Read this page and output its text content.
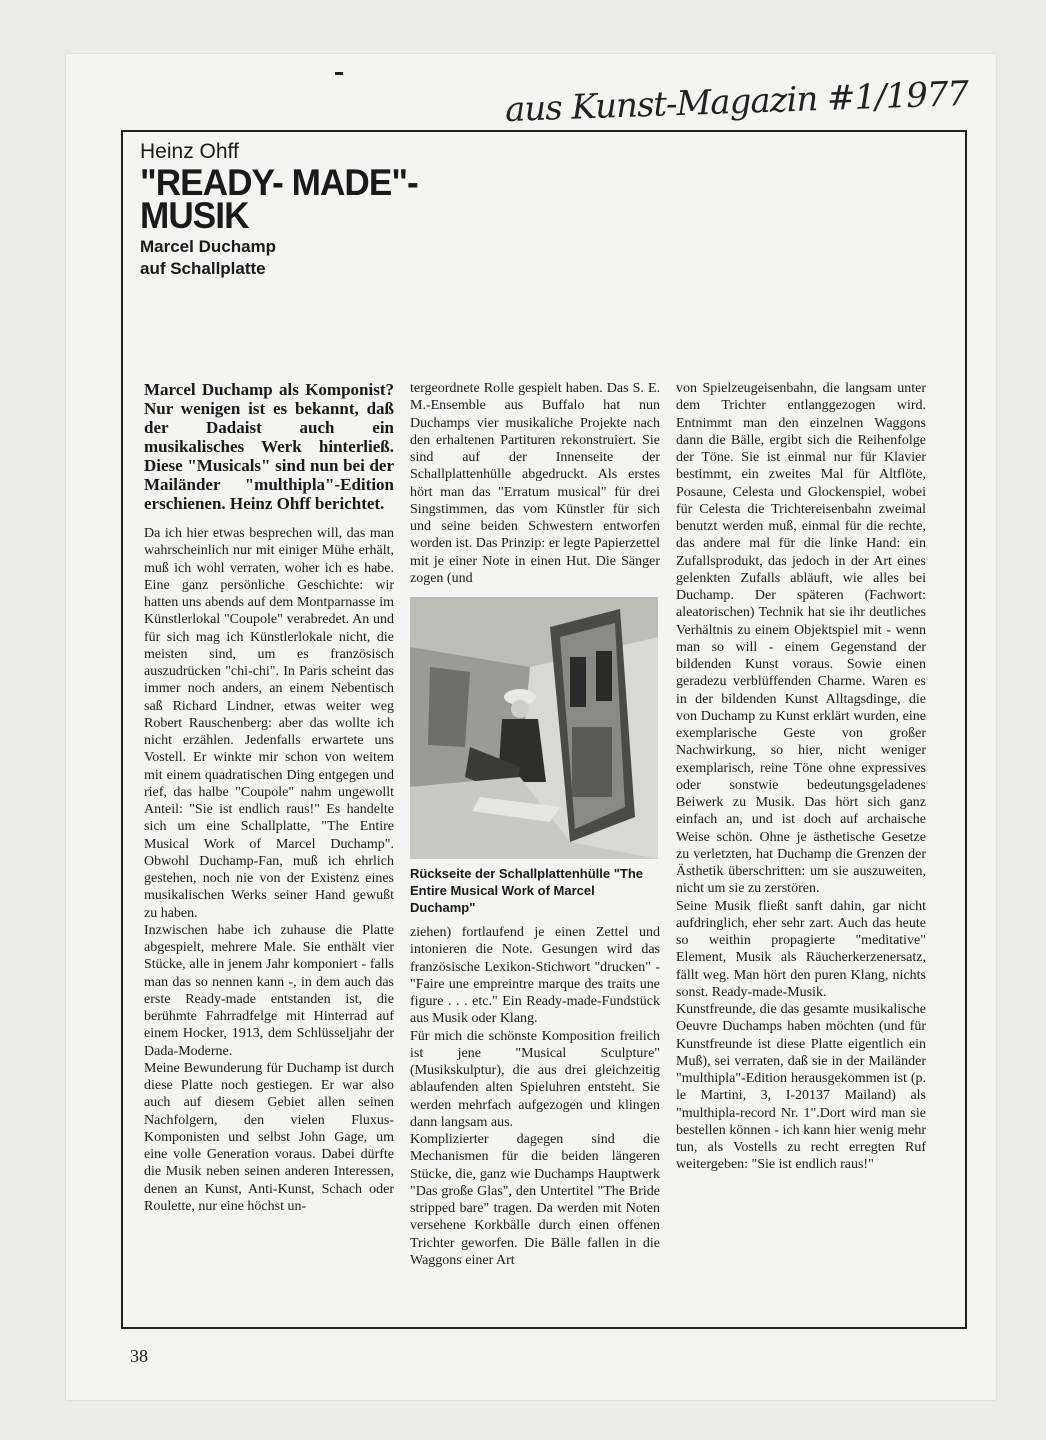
aus Kunst-Magazin #1/1977
Heinz Ohff
"READY- MADE"-
MUSIK
Marcel Duchamp
auf Schallplatte

Marcel Duchamp als Komponist? Nur wenigen ist es bekannt, daß der Dadaist auch ein musikalisches Werk hinterließ. Diese "Musicals" sind nun bei der Mailänder "multhipla"-Edition erschienen. Heinz Ohff berichtet.

Da ich hier etwas besprechen will, das man wahrscheinlich nur mit einiger Mühe erhält, muß ich wohl verraten, woher ich es habe. Eine ganz persönliche Geschichte: wir hatten uns abends auf dem Montparnasse im Künstlerlokal "Coupole" verabredet. An und für sich mag ich Künstlerlokale nicht, die meisten sind, um es französisch auszudrücken "chi-chi". In Paris scheint das immer noch anders, an einem Nebentisch saß Richard Lindner, etwas weiter weg Robert Rauschenberg: aber das wollte ich nicht erzählen. Jedenfalls erwartete uns Vostell. Er winkte mir schon von weitem mit einem quadratischen Ding entgegen und rief, das halbe "Coupole" nahm ungewollt Anteil: "Sie ist endlich raus!" Es handelte sich um eine Schallplatte, "The Entire Musical Work of Marcel Duchamp". Obwohl Duchamp-Fan, muß ich ehrlich gestehen, noch nie von der Existenz eines musikalischen Werks seiner Hand gewußt zu haben.

Inzwischen habe ich zuhause die Platte abgespielt, mehrere Male. Sie enthält vier Stücke, alle in jenem Jahr komponiert - falls man das so nennen kann -, in dem auch das erste Ready-made entstanden ist, die berühmte Fahrradfelge mit Hinterrad auf einem Hocker, 1913, dem Schlüsseljahr der Dada-Moderne.

Meine Bewunderung für Duchamp ist durch diese Platte noch gestiegen. Er war also auch auf diesem Gebiet allen seinen Nachfolgern, den vielen Fluxus-Komponisten und selbst John Gage, um eine volle Generation voraus. Dabei dürfte die Musik neben seinen anderen Interessen, denen an Kunst, Anti-Kunst, Schach oder Roulette, nur eine höchst un-

tergeordnete Rolle gespielt haben. Das S. E. M.-Ensemble aus Buffalo hat nun Duchamps vier musikaliche Projekte nach den erhaltenen Partituren rekonstruiert. Sie sind auf der Innenseite der Schallplattenhülle abgedruckt. Als erstes hört man das "Erratum musical" für drei Singstimmen, das vom Künstler für sich und seine beiden Schwestern entworfen worden ist. Das Prinzip: er legte Papierzettel mit je einer Note in einen Hut. Die Sänger zogen (und

Rückseite der Schallplattenhülle "The Entire Musical Work of Marcel Duchamp"

ziehen) fortlaufend je einen Zettel und intonieren die Note. Gesungen wird das französische Lexikon-Stichwort "drucken" - "Faire une empreintre marque des traits une figure . . . etc." Ein Ready-made-Fundstück aus Musik oder Klang.

Für mich die schönste Komposition freilich ist jene "Musical Sculpture" (Musikskulptur), die aus drei gleichzeitig ablaufenden alten Spieluhren entsteht. Sie werden mehrfach aufgezogen und klingen dann langsam aus.

Komplizierter dagegen sind die Mechanismen für die beiden längeren Stücke, die, ganz wie Duchamps Hauptwerk "Das große Glas", den Untertitel "The Bride stripped bare" tragen. Da werden mit Noten versehene Korkbälle durch einen offenen Trichter geworfen. Die Bälle fallen in die Waggons einer Art

von Spielzeugeisenbahn, die langsam unter dem Trichter entlanggezogen wird. Entnimmt man den einzelnen Waggons dann die Bälle, ergibt sich die Reihenfolge der Töne. Sie ist einmal nur für Klavier bestimmt, ein zweites Mal für Altflöte, Posaune, Celesta und Glockenspiel, wobei für Celesta die Trichtereisenbahn zweimal benutzt werden muß, einmal für die rechte, das andere mal für die linke Hand: ein Zufallsprodukt, das jedoch in der Art eines gelenkten Zufalls abläuft, wie alles bei Duchamp. Der späteren (Fachwort: aleatorischen) Technik hat sie ihr deutliches Verhältnis zu einem Objektspiel mit - wenn man so will - einem Gegenstand der bildenden Kunst voraus. Sowie einen geradezu verblüffenden Charme. Waren es in der bildenden Kunst Alltagsdinge, die von Duchamp zu Kunst erklärt wurden, eine exemplarische Geste von großer Nachwirkung, so hier, nicht weniger exemplarisch, reine Töne ohne expressives oder sonstwie bedeutungsgeladenes Beiwerk zu Musik. Das hört sich ganz einfach an, und ist doch auf archaische Weise schön. Ohne je ästhetische Gesetze zu verletzten, hat Duchamp die Grenzen der Ästhetik überschritten: um sie auszuweiten, nicht um sie zu zerstören.

Seine Musik fließt sanft dahin, gar nicht aufdringlich, eher sehr zart. Auch das heute so weithin propagierte "meditative" Element, Musik als Räucherkerzenersatz, fällt weg. Man hört den puren Klang, nichts sonst. Ready-made-Musik.

Kunstfreunde, die das gesamte musikalische Oeuvre Duchamps haben möchten (und für Kunstfreunde ist diese Platte eigentlich ein Muß), sei verraten, daß sie in der Mailänder "multhipla"-Edition herausgekommen ist (p. le Martini, 3, I-20137 Mailand) als "multhipla-record Nr. 1".Dort wird man sie bestellen können - ich kann hier wenig mehr tun, als Vostells zu recht erregten Ruf weitergeben: "Sie ist endlich raus!"

38
